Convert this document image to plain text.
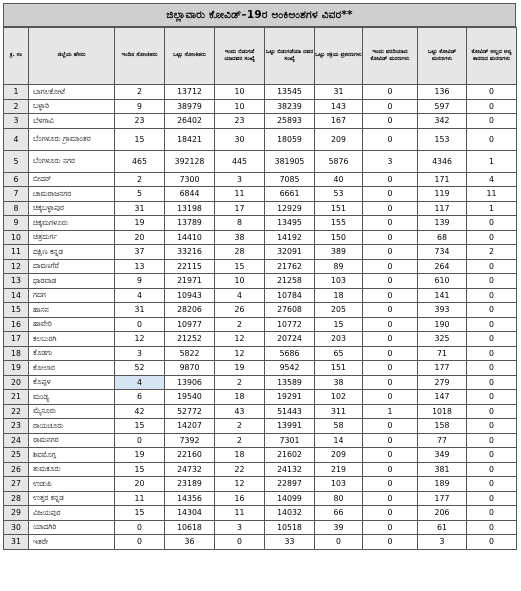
ಜಿಲ್ಲಾವಾರು ಕೋವಿಡ್‌–19ರ ಅಂಕಿಅಂಶಗಳ ವಿವರ**
ಕ್ರ. ಸಂ	ಜಿಲ್ಲೆಯ ಹೆಸರು	ಇಂದಿನ ಸೋಂಕಿತರು	ಒಟ್ಟು ಸೋಂಕಿತರು	ಇಂದು ಬಿಡುಗಡೆ ಯಾದವರ ಸಂಖ್ಯೆ	ಒಟ್ಟು ಬಿಡುಗಡೆಯಾ ದವರ ಸಂಖ್ಯೆ	ಒಟ್ಟು ಸಕ್ರಿಯ ಪ್ರಕರಣಗಳು	ಇಂದು ವರದಿಯಾದ ಕೋವಿಡ್ ಮರಣಗಳು	ಒಟ್ಟು ಕೋವಿಡ್ ಮರಣಗಳು	ಕೋವಿಡ್ ಅಲ್ಲದ ಅನ್ಯ ಕಾರಣದ ಮರಣಗಳು
1	ಬಾಗಲಕೋಟೆ	2	13712	10	13545	31	0	136	0
2	ಬಳ್ಳಾರಿ	9	38979	10	38239	143	0	597	0
3	ಬೆಳಗಾವಿ	23	26402	23	25893	167	0	342	0
4	ಬೆಂಗಳೂರು ಗ್ರಾಮಾಂತರ	15	18421	30	18059	209	0	153	0
5	ಬೆಂಗಳೂರು ನಗರ	465	392128	445	381905	5876	3	4346	1
6	ಬೀದರ್	2	7300	3	7085	40	0	171	4
7	ಚಾಮರಾಜನಗರ	5	6844	11	6661	53	0	119	11
8	ಚಿಕ್ಕಬಳ್ಳಾಪುರ	31	13198	17	12929	151	0	117	1
9	ಚಿಕ್ಕಮಗಳೂರು	19	13789	8	13495	155	0	139	0
10	ಚಿತ್ರದುರ್ಗ	20	14410	38	14192	150	0	68	0
11	ದಕ್ಷಿಣ ಕನ್ನಡ	37	33216	28	32091	389	0	734	2
12	ದಾವಣಗೆರೆ	13	22115	15	21762	89	0	264	0
13	ಧಾರವಾಡ	9	21971	10	21258	103	0	610	0
14	ಗದಗ	4	10943	4	10784	18	0	141	0
15	ಹಾಸನ	31	28206	26	27608	205	0	393	0
16	ಹಾವೇರಿ	0	10977	2	10772	15	0	190	0
17	ಕಲಬುರಗಿ	12	21252	12	20724	203	0	325	0
18	ಕೊಡಗು	3	5822	12	5686	65	0	71	0
19	ಕೋಲಾರ	52	9870	19	9542	151	0	177	0
20	ಕೊಪ್ಪಳ	4	13906	2	13589	38	0	279	0
21	ಮಂಡ್ಯ	6	19540	18	19291	102	0	147	0
22	ಮೈಸೂರು	42	52772	43	51443	311	1	1018	0
23	ರಾಯಚೂರು	15	14207	2	13991	58	0	158	0
24	ರಾಮನಗರ	0	7392	2	7301	14	0	77	0
25	ಶಿವಮೊಗ್ಗ	19	22160	18	21602	209	0	349	0
26	ತುಮಕೂರು	15	24732	22	24132	219	0	381	0
27	ಉಡುಪಿ	20	23189	12	22897	103	0	189	0
28	ಉತ್ತರ ಕನ್ನಡ	11	14356	16	14099	80	0	177	0
29	ವಿಜಯಪುರ	15	14304	11	14032	66	0	206	0
30	ಯಾದಗಿರಿ	0	10618	3	10518	39	0	61	0
31	ಇತರೇ	0	36	0	33	0	0	3	0
